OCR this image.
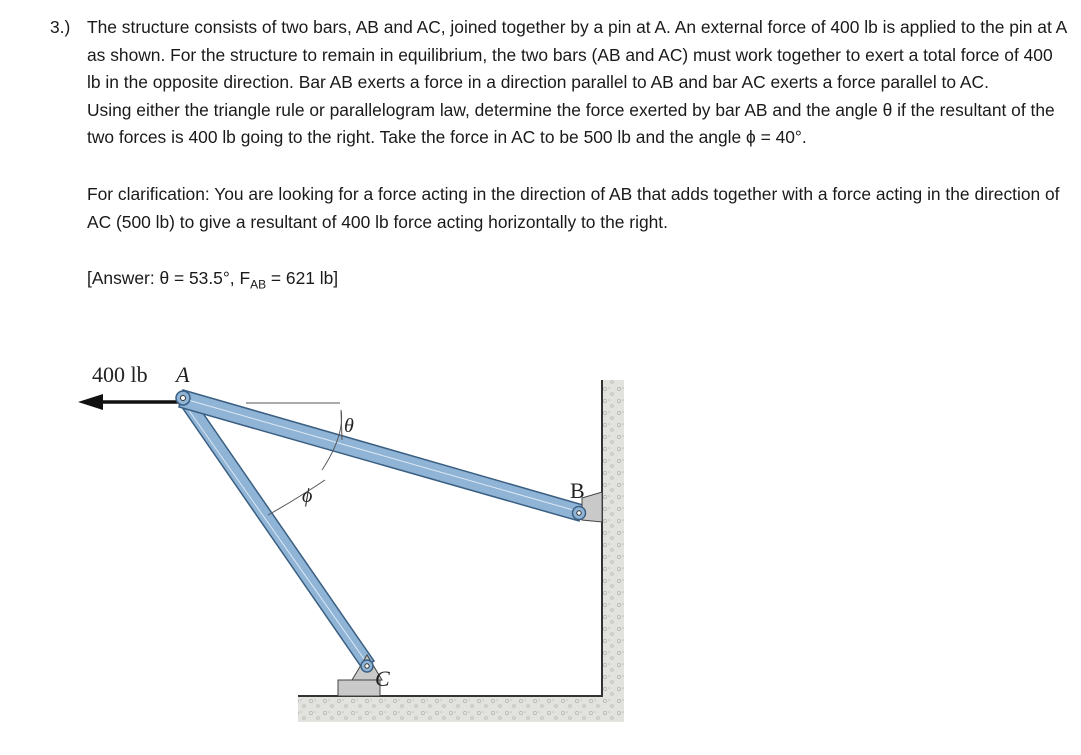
3.) The structure consists of two bars, AB and AC, joined together by a pin at A. An external force of 400 lb is applied to the pin at A as shown. For the structure to remain in equilibrium, the two bars (AB and AC) must work together to exert a total force of 400 lb in the opposite direction. Bar AB exerts a force in a direction parallel to AB and bar AC exerts a force parallel to AC.

Using either the triangle rule or parallelogram law, determine the force exerted by bar AB and the angle θ if the resultant of the two forces is 400 lb going to the right. Take the force in AC to be 500 lb and the angle ϕ = 40°.

For clarification: You are looking for a force acting in the direction of AB that adds together with a force acting in the direction of AC (500 lb) to give a resultant of 400 lb force acting horizontally to the right.

[Answer: θ = 53.5°, $F_{AB} = 621$ lb]

400 lb A
B
C
θ
ϕ
